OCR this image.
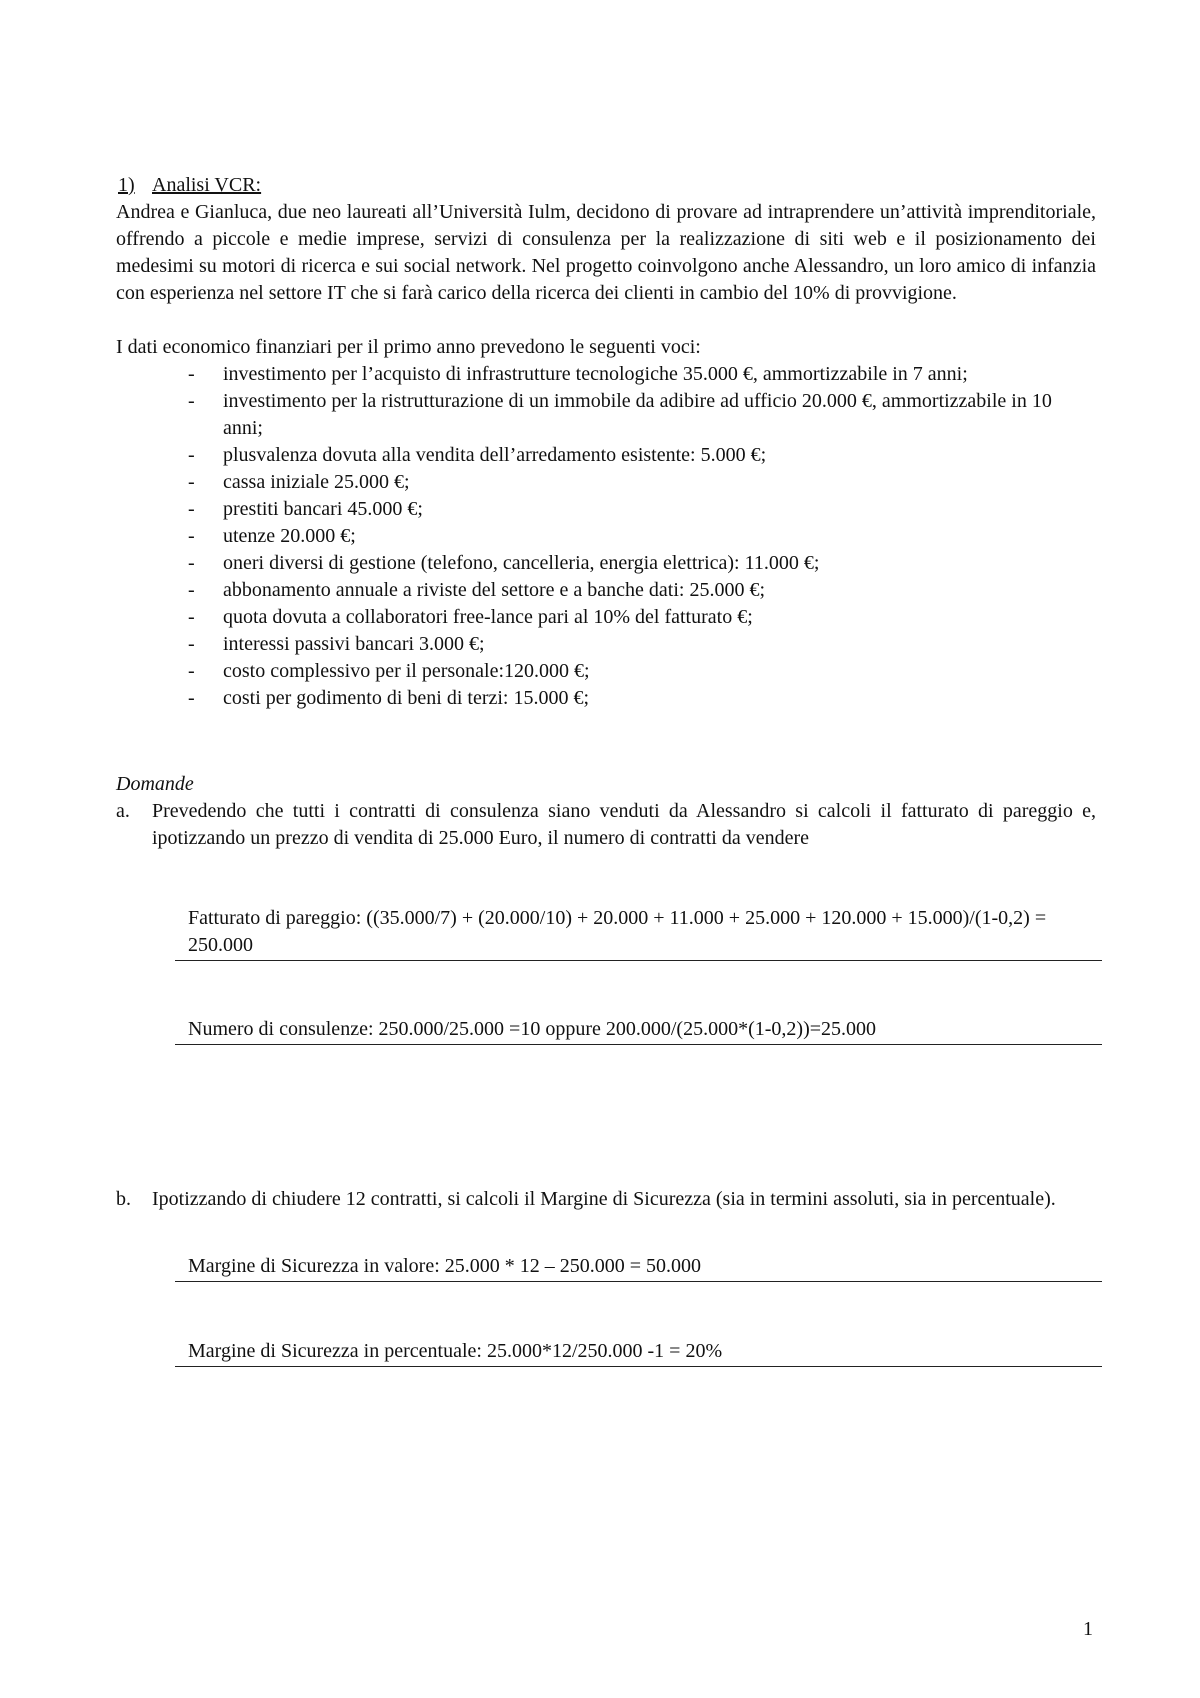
1) Analisi VCR:

Andrea e Gianluca, due neo laureati all’Università Iulm, decidono di provare ad intraprendere un’attività imprenditoriale, offrendo a piccole e medie imprese, servizi di consulenza per la realizzazione di siti web e il posizionamento dei medesimi su motori di ricerca e sui social network. Nel progetto coinvolgono anche Alessandro, un loro amico di infanzia con esperienza nel settore IT che si farà carico della ricerca dei clienti in cambio del 10% di provvigione.

I dati economico finanziari per il primo anno prevedono le seguenti voci:

- investimento per l’acquisto di infrastrutture tecnologiche 35.000 €, ammortizzabile in 7 anni;
- investimento per la ristrutturazione di un immobile da adibire ad ufficio 20.000 €, ammortizzabile in 10 anni;
- plusvalenza dovuta alla vendita dell’arredamento esistente: 5.000 €;
- cassa iniziale 25.000 €;
- prestiti bancari 45.000 €;
- utenze 20.000 €;
- oneri diversi di gestione (telefono, cancelleria, energia elettrica): 11.000 €;
- abbonamento annuale a riviste del settore e a banche dati: 25.000 €;
- quota dovuta a collaboratori free-lance pari al 10% del fatturato €;
- interessi passivi bancari 3.000 €;
- costo complessivo per il personale:120.000 €;
- costi per godimento di beni di terzi: 15.000 €;

Domande

a. Prevedendo che tutti i contratti di consulenza siano venduti da Alessandro si calcoli il fatturato di pareggio e, ipotizzando un prezzo di vendita di 25.000 Euro, il numero di contratti da vendere

Fatturato di pareggio: ((35.000/7) + (20.000/10) + 20.000 + 11.000 + 25.000 + 120.000 + 15.000)/(1-0,2) = 250.000
Numero di consulenze: 250.000/25.000 =10 oppure 200.000/(25.000*(1-0,2))=25.000

b. Ipotizzando di chiudere 12 contratti, si calcoli il Margine di Sicurezza (sia in termini assoluti, sia in percentuale).

Margine di Sicurezza in valore: 25.000 * 12 – 250.000 = 50.000
Margine di Sicurezza in percentuale: 25.000*12/250.000 -1 = 20%
1
